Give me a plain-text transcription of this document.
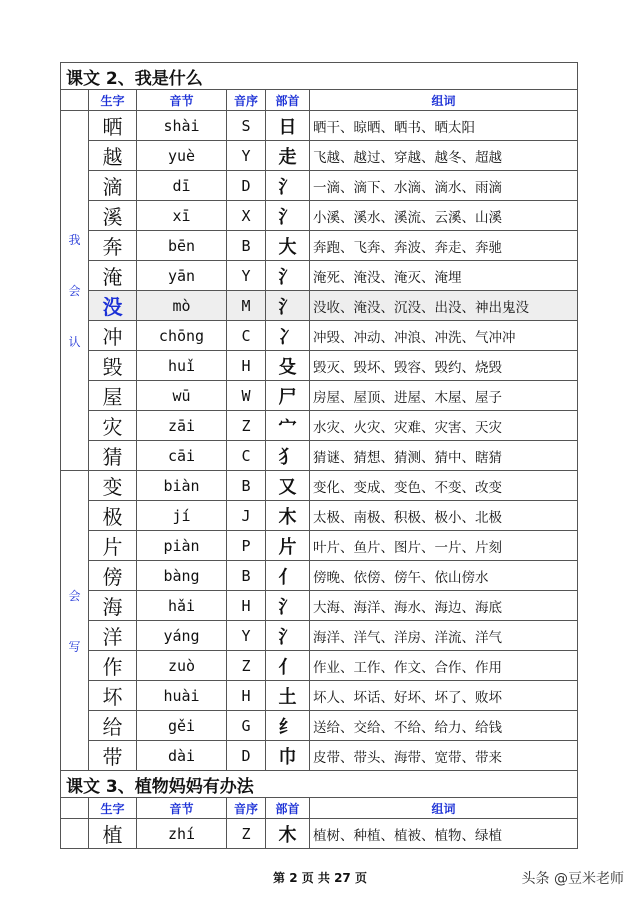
课文 2、我是什么					
	生字	音节	音序	部首	组词

我
会
认	晒	shài	S	日	晒干、晾晒、晒书、晒太阳
	越	yuè	Y	走	飞越、越过、穿越、越冬、超越
	滴	dī	D	氵	一滴、滴下、水滴、滴水、雨滴
	溪	xī	X	氵	小溪、溪水、溪流、云溪、山溪
	奔	bēn	B	大	奔跑、飞奔、奔波、奔走、奔驰
	淹	yān	Y	氵	淹死、淹没、淹灭、淹埋
	没	mò	M	氵	没收、淹没、沉没、出没、神出鬼没
	冲	chōng	C	冫	冲毁、冲动、冲浪、冲洗、气冲冲
	毁	huǐ	H	殳	毁灭、毁坏、毁容、毁约、烧毁
	屋	wū	W	尸	房屋、屋顶、进屋、木屋、屋子
	灾	zāi	Z	宀	水灾、火灾、灾难、灾害、天灾
	猜	cāi	C	犭	猜谜、猜想、猜测、猜中、瞎猜

会
写	变	biàn	B	又	变化、变成、变色、不变、改变
	极	jí	J	木	太极、南极、积极、极小、北极
	片	piàn	P	片	叶片、鱼片、图片、一片、片刻
	傍	bàng	B	亻	傍晚、依傍、傍午、依山傍水
	海	hǎi	H	氵	大海、海洋、海水、海边、海底
	洋	yáng	Y	氵	海洋、洋气、洋房、洋流、洋气
	作	zuò	Z	亻	作业、工作、作文、合作、作用
	坏	huài	H	土	坏人、坏话、好坏、坏了、败坏
	给	gěi	G	纟	送给、交给、不给、给力、给钱
	带	dài	D	巾	皮带、带头、海带、宽带、带来
课文 3、植物妈妈有办法					
	生字	音节	音序	部首	组词
	植	zhí	Z	木	植树、种植、植被、植物、绿植
第 2 页 共 27 页	头条 @豆米老师
